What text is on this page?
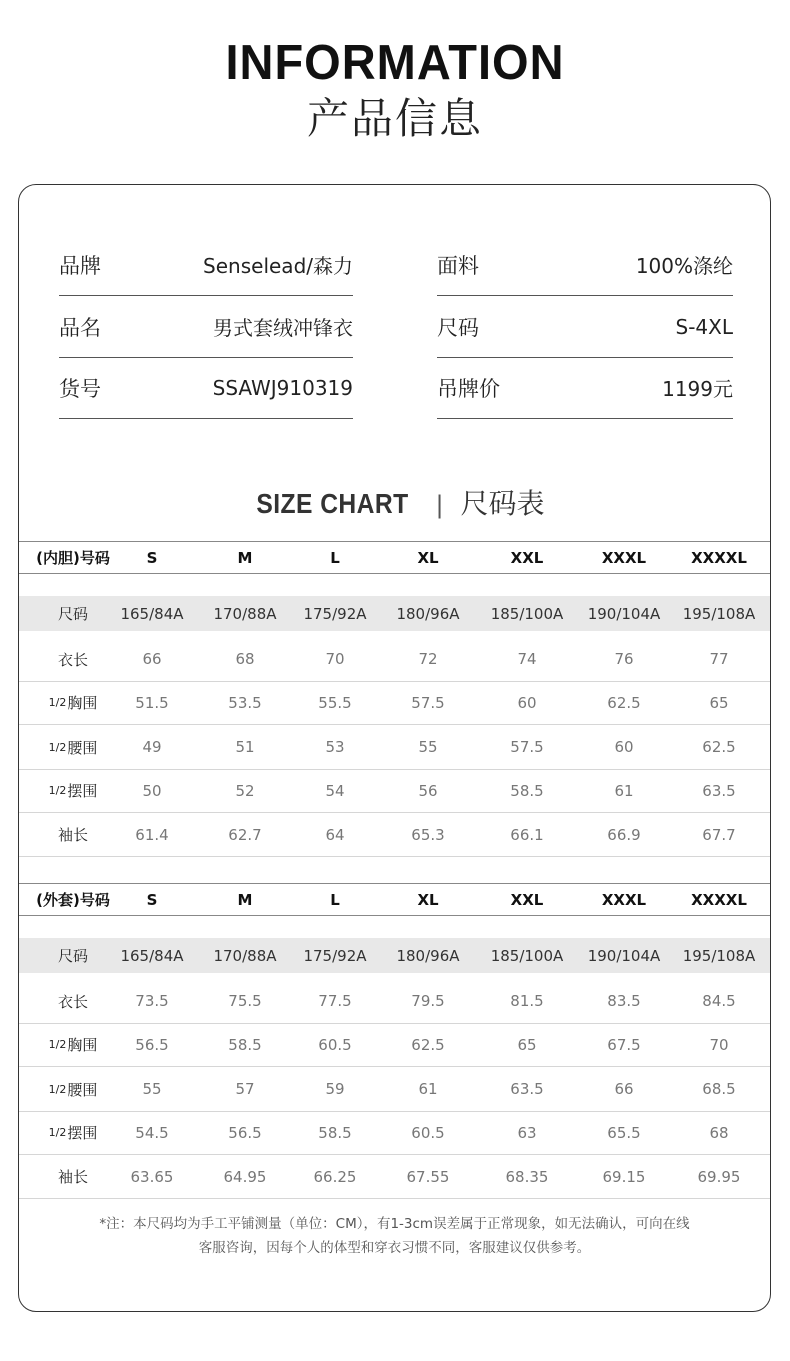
INFORMATION
产品信息
品牌	Senselead/森力	面料	100%涤纶
品名	男式套绒冲锋衣	尺码	S-4XL
货号	SSAWJ910319	吊牌价	1199元
SIZE CHART | 尺码表
(内胆)号码	S	M	L	XL	XXL	XXXL	XXXXL
尺码	165/84A	170/88A	175/92A	180/96A	185/100A	190/104A	195/108A
衣长	66	68	70	72	74	76	77
1/2 胸围	51.5	53.5	55.5	57.5	60	62.5	65
1/2 腰围	49	51	53	55	57.5	60	62.5
1/2 摆围	50	52	54	56	58.5	61	63.5
袖长	61.4	62.7	64	65.3	66.1	66.9	67.7
(外套)号码	S	M	L	XL	XXL	XXXL	XXXXL
尺码	165/84A	170/88A	175/92A	180/96A	185/100A	190/104A	195/108A
衣长	73.5	75.5	77.5	79.5	81.5	83.5	84.5
1/2 胸围	56.5	58.5	60.5	62.5	65	67.5	70
1/2 腰围	55	57	59	61	63.5	66	68.5
1/2 摆围	54.5	56.5	58.5	60.5	63	65.5	68
袖长	63.65	64.95	66.25	67.55	68.35	69.15	69.95
*注：本尺码均为手工平铺测量（单位：CM），有1-3cm误差属于正常现象，如无法确认，可向在线
客服咨询，因每个人的体型和穿衣习惯不同，客服建议仅供参考。
